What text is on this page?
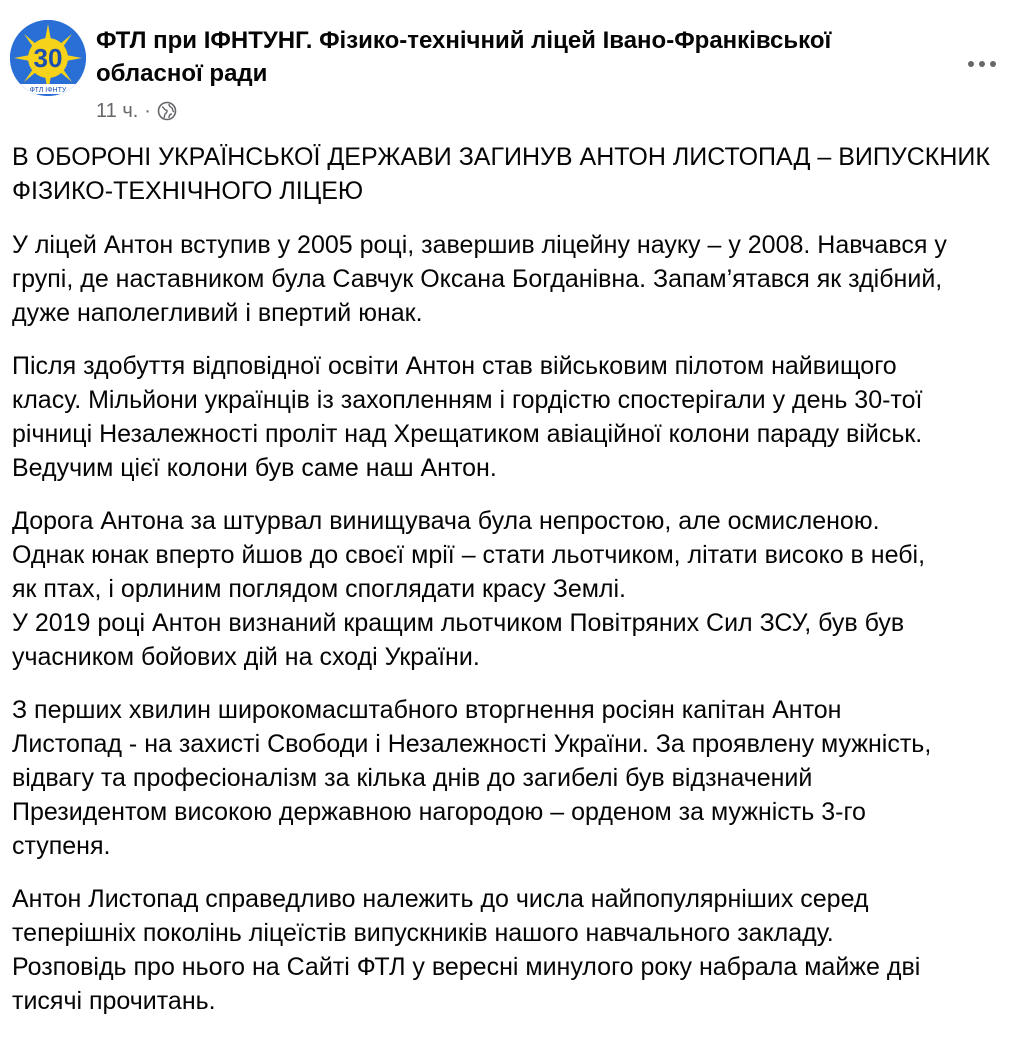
30
ФТЛ ІФНТУ
ФТЛ при ІФНТУНГ. Фізико-технічний ліцей Івано-Франківської обласної ради
11 ч. ·

В ОБОРОНІ УКРАЇНСЬКОЇ ДЕРЖАВИ ЗАГИНУВ АНТОН ЛИСТОПАД – ВИПУСКНИК
ФІЗИКО-ТЕХНІЧНОГО ЛІЦЕЮ

У ліцей Антон вступив у 2005 році, завершив ліцейну науку – у 2008. Навчався у
групі, де наставником була Савчук Оксана Богданівна. Запам’ятався як здібний,
дуже наполегливий і впертий юнак.

Після здобуття відповідної освіти Антон став військовим пілотом найвищого
класу. Мільйони українців із захопленням і гордістю спостерігали у день 30-тої
річниці Незалежності проліт над Хрещатиком авіаційної колони параду військ.
Ведучим цієї колони був саме наш Антон.

Дорога Антона за штурвал винищувача була непростою, але осмисленою.
Однак юнак вперто йшов до своєї мрії – стати льотчиком, літати високо в небі,
як птах, і орлиним поглядом споглядати красу Землі.
У 2019 році Антон визнаний кращим льотчиком Повітряних Сил ЗСУ, був був
учасником бойових дій на сході України.

З перших хвилин широкомасштабного вторгнення росіян капітан Антон
Листопад - на захисті Свободи і Незалежності України. За проявлену мужність,
відвагу та професіоналізм за кілька днів до загибелі був відзначений
Президентом високою державною нагородою – орденом за мужність 3-го
ступеня.

Антон Листопад справедливо належить до числа найпопулярніших серед
теперішніх поколінь ліцеїстів випускників нашого навчального закладу.
Розповідь про нього на Сайті ФТЛ у вересні минулого року набрала майже дві
тисячі прочитань.
